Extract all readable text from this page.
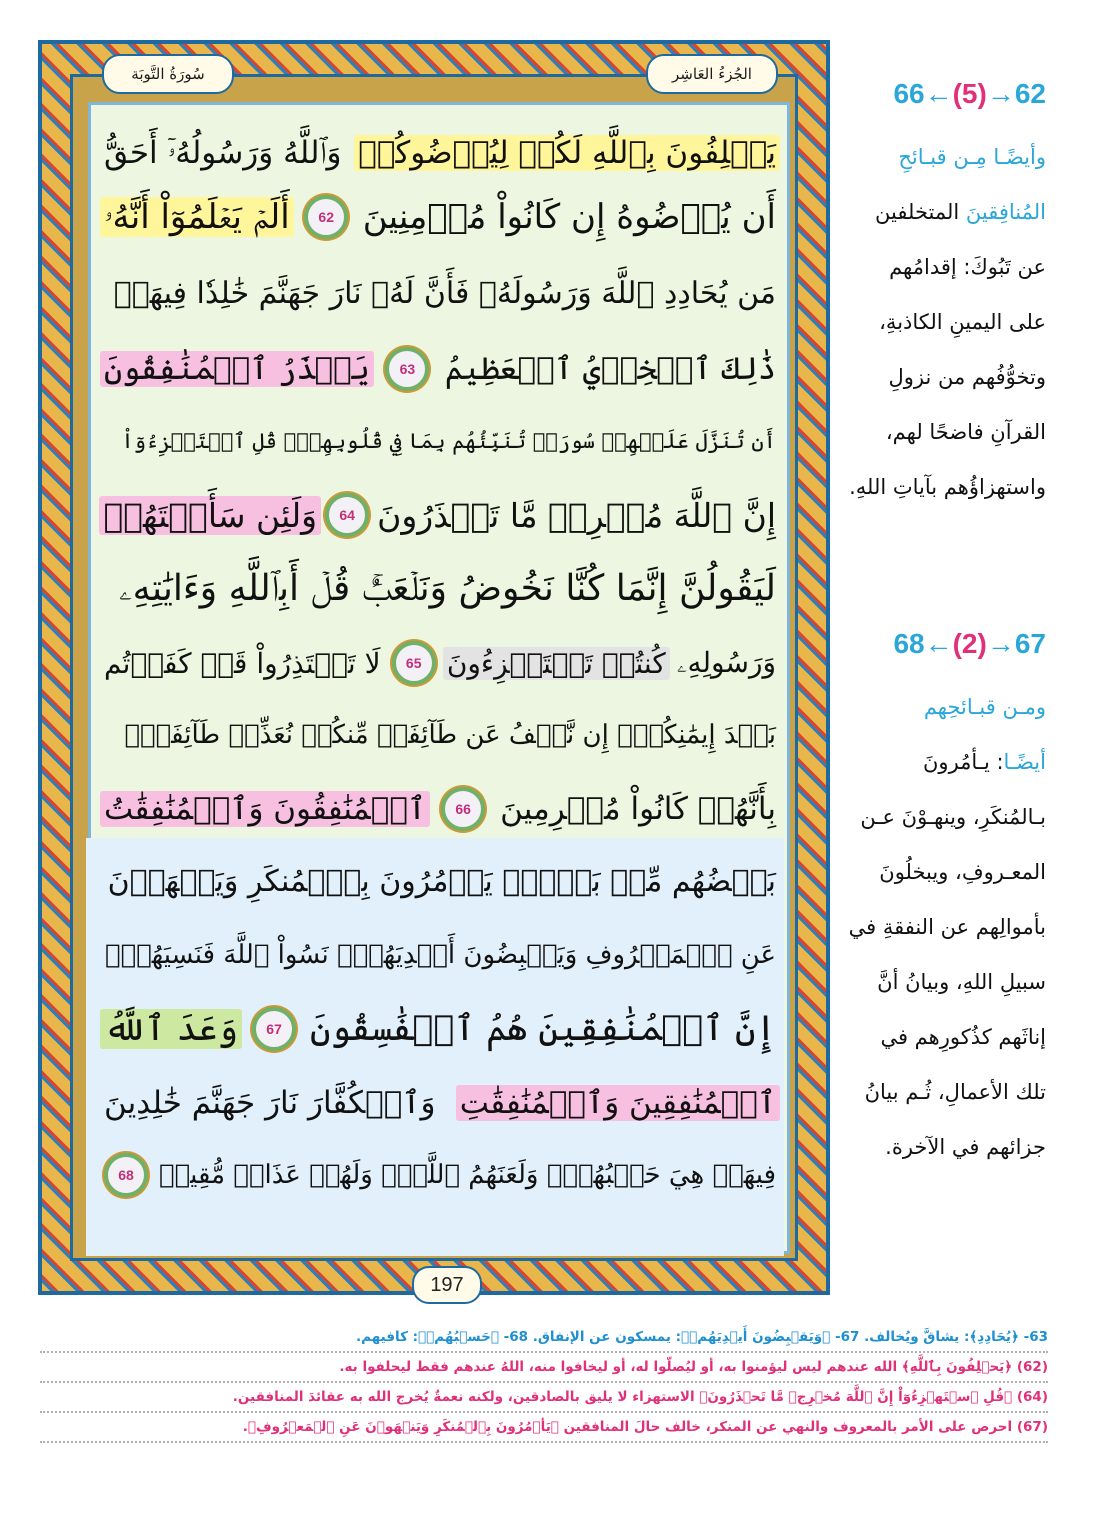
سُورَةُ التَّوبَة	الجُزءُ العَاشِر
يَحۡلِفُونَ بِٱللَّهِ لَكُمۡ لِيُرۡضُوكُمۡ
وَٱللَّهُ وَرَسُولُهُۥٓ أَحَقُّ
أَن يُرۡضُوهُ إِن كَانُواْ مُؤۡمِنِينَ
62
أَلَمۡ يَعۡلَمُوٓاْ أَنَّهُۥ
مَن يُحَادِدِ ٱللَّهَ وَرَسُولَهُۥ فَأَنَّ لَهُۥ نَارَ جَهَنَّمَ خَٰلِدٗا فِيهَاۚ
ذَٰلِكَ ٱلۡخِزۡيُ ٱلۡعَظِيمُ
63
يَحۡذَرُ ٱلۡمُنَٰفِقُونَ
أَن تُنَزَّلَ عَلَيۡهِمۡ سُورَةٞ تُنَبِّئُهُم بِمَا فِي قُلُوبِهِمۚۡ قُلِ ٱسۡتَهۡزِءُوٓاْ
إِنَّ ٱللَّهَ مُخۡرِجٞ مَّا تَحۡذَرُونَ
64
وَلَئِن سَأَلۡتَهُمۡ
لَيَقُولُنَّ إِنَّمَا كُنَّا نَخُوضُ وَنَلۡعَبُۚ قُلۡ أَبِٱللَّهِ وَءَايَٰتِهِۦ
وَرَسُولِهِۦ
كُنتُمۡ تَسۡتَهۡزِءُونَ
65
لَا تَعۡتَذِرُواْ قَدۡ كَفَرۡتُم
بَعۡدَ إِيمَٰنِكُمۚۡ إِن نَّعۡفُ عَن طَآئِفَةٖ مِّنكُمۡ نُعَذِّبۡ طَآئِفَةَۢ
بِأَنَّهُمۡ كَانُواْ مُجۡرِمِينَ
66
ٱلۡمُنَٰفِقُونَ وَٱلۡمُنَٰفِقَٰتُ
بَعۡضُهُم مِّنۢ بَعۡضٖۚ يَأۡمُرُونَ بِٱلۡمُنكَرِ وَيَنۡهَوۡنَ
عَنِ ٱلۡمَعۡرُوفِ وَيَقۡبِضُونَ أَيۡدِيَهُمۡۚ نَسُواْ ٱللَّهَ فَنَسِيَهُمۡۚ
إِنَّ ٱلۡمُنَٰفِقِينَ هُمُ ٱلۡفَٰسِقُونَ
67
وَعَدَ ٱللَّهُ
ٱلۡمُنَٰفِقِينَ وَٱلۡمُنَٰفِقَٰتِ
وَٱلۡكُفَّارَ نَارَ جَهَنَّمَ خَٰلِدِينَ
فِيهَاۚ هِيَ حَسۡبُهُمۡۚ وَلَعَنَهُمُ ٱللَّهُۖ وَلَهُمۡ عَذَابٞ مُّقِيمٞ
68
197
66←(5)→62
وأيضًـا مِـن قبـائحِ
المُنافِقينَ المتخلفين عن تَبُوكَ: إقدامُهم على اليمينِ الكاذبةِ، وتخوُّفُهم من نزولِ القرآنِ فاضحًا لهم، واستهزاؤُهم بآياتِ اللهِ.
68←(2)→67
ومـن قبـائحِهم
أيضًـا: يـأمُرونَ بـالمُنكَرِ، وينهـوْنَ عـن المعـروفِ، ويبخلُونَ بأموالِهم عن النفقةِ في سبيلِ اللهِ، وبيانُ أنَّ إناثَهم كذُكورِهم في تلك الأعمالِ، ثُـم بيانُ جزائهم في الآخرة.
63- ﴿يُحَادِدِ﴾: يشاقَّ ويُخالف. 67- ﴿وَيَقۡبِضُونَ أَيۡدِيَهُمۡ﴾: يمسكون عن الإنفاق. 68- ﴿حَسۡبُهُمۡ﴾: كافيهم.
(62) ﴿يَحۡلِفُونَ بِٱللَّهِ﴾ الله عندهم ليس ليؤمنوا به، أو ليُصلّوا له، أو ليخافوا منه، اللهُ عندهم فقط ليحلفوا به.
(64) ﴿قُلِ ٱسۡتَهۡزِءُوٓاْ إِنَّ ٱللَّهَ مُخۡرِجٞ مَّا تَحۡذَرُونَ﴾ الاستهزاء لا يليق بالصادقين، ولكنه نعمةٌ يُخرج الله به عقائدَ المنافقين.
(67) احرص على الأمر بالمعروف والنهي عن المنكر، خالف حالَ المنافقين ﴿يَأۡمُرُونَ بِٱلۡمُنكَرِ وَيَنۡهَوۡنَ عَنِ ٱلۡمَعۡرُوفِ﴾.
